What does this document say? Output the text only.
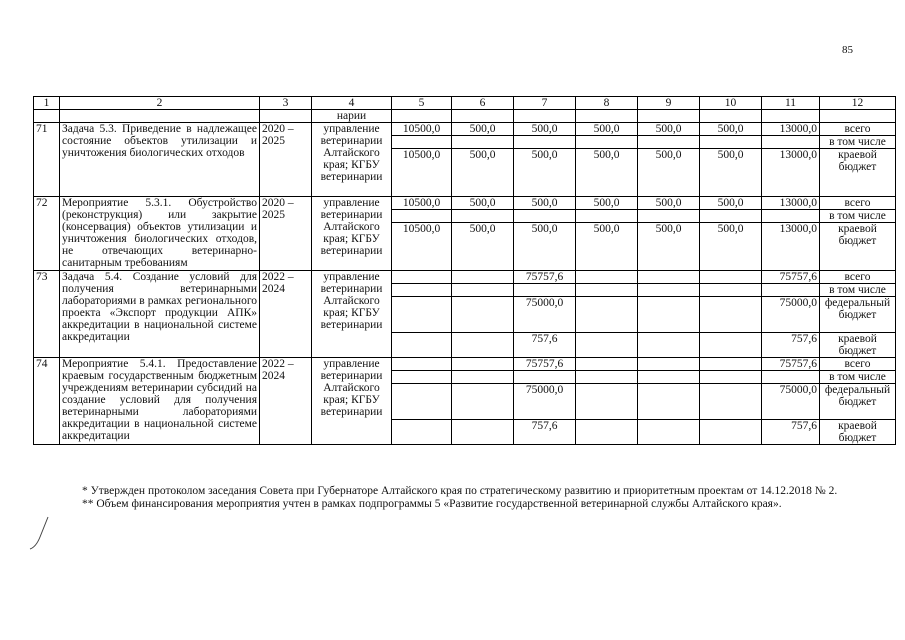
85
1	2	3	4	5	6	7	8	9	10	11	12
			нарии								
71	Задача 5.3. Приведение в надлежащее состояние объектов утилизации и уничтожения биологических отходов	2020 – 2025	управление ветеринарии Алтайского края; КГБУ ветеринарии	10500,0	500,0	500,0	500,0	500,0	500,0	13000,0	всего
											в том числе
				10500,0	500,0	500,0	500,0	500,0	500,0	13000,0	краевой бюджет
72	Мероприятие 5.3.1. Обустройство (реконструкция) или закрытие (консервация) объектов утилизации и уничтожения биологических отходов, не отвечающих ветеринарно-санитарным требованиям	2020 – 2025	управление ветеринарии Алтайского края; КГБУ ветеринарии	10500,0	500,0	500,0	500,0	500,0	500,0	13000,0	всего
											в том числе
				10500,0	500,0	500,0	500,0	500,0	500,0	13000,0	краевой бюджет
73	Задача 5.4. Создание условий для получения ветеринарными лабораториями в рамках регионального проекта «Экспорт продукции АПК» аккредитации в национальной системе аккредитации	2022 – 2024	управление ветеринарии Алтайского края; КГБУ ветеринарии			75757,6				75757,6	всего
											в том числе
						75000,0				75000,0	федеральный бюджет
						757,6				757,6	краевой бюджет
74	Мероприятие 5.4.1. Предоставление краевым государственным бюджетным учреждениям ветеринарии субсидий на создание условий для получения ветеринарными лабораториями аккредитации в национальной системе аккредитации	2022 – 2024	управление ветеринарии Алтайского края; КГБУ ветеринарии			75757,6				75757,6	всего
											в том числе
						75000,0				75000,0	федеральный бюджет
						757,6				757,6	краевой бюджет
* Утвержден протоколом заседания Совета при Губернаторе Алтайского края по стратегическому развитию и приоритетным проектам от 14.12.2018 № 2.
** Объем финансирования мероприятия учтен в рамках подпрограммы 5 «Развитие государственной ветеринарной службы Алтайского края».
